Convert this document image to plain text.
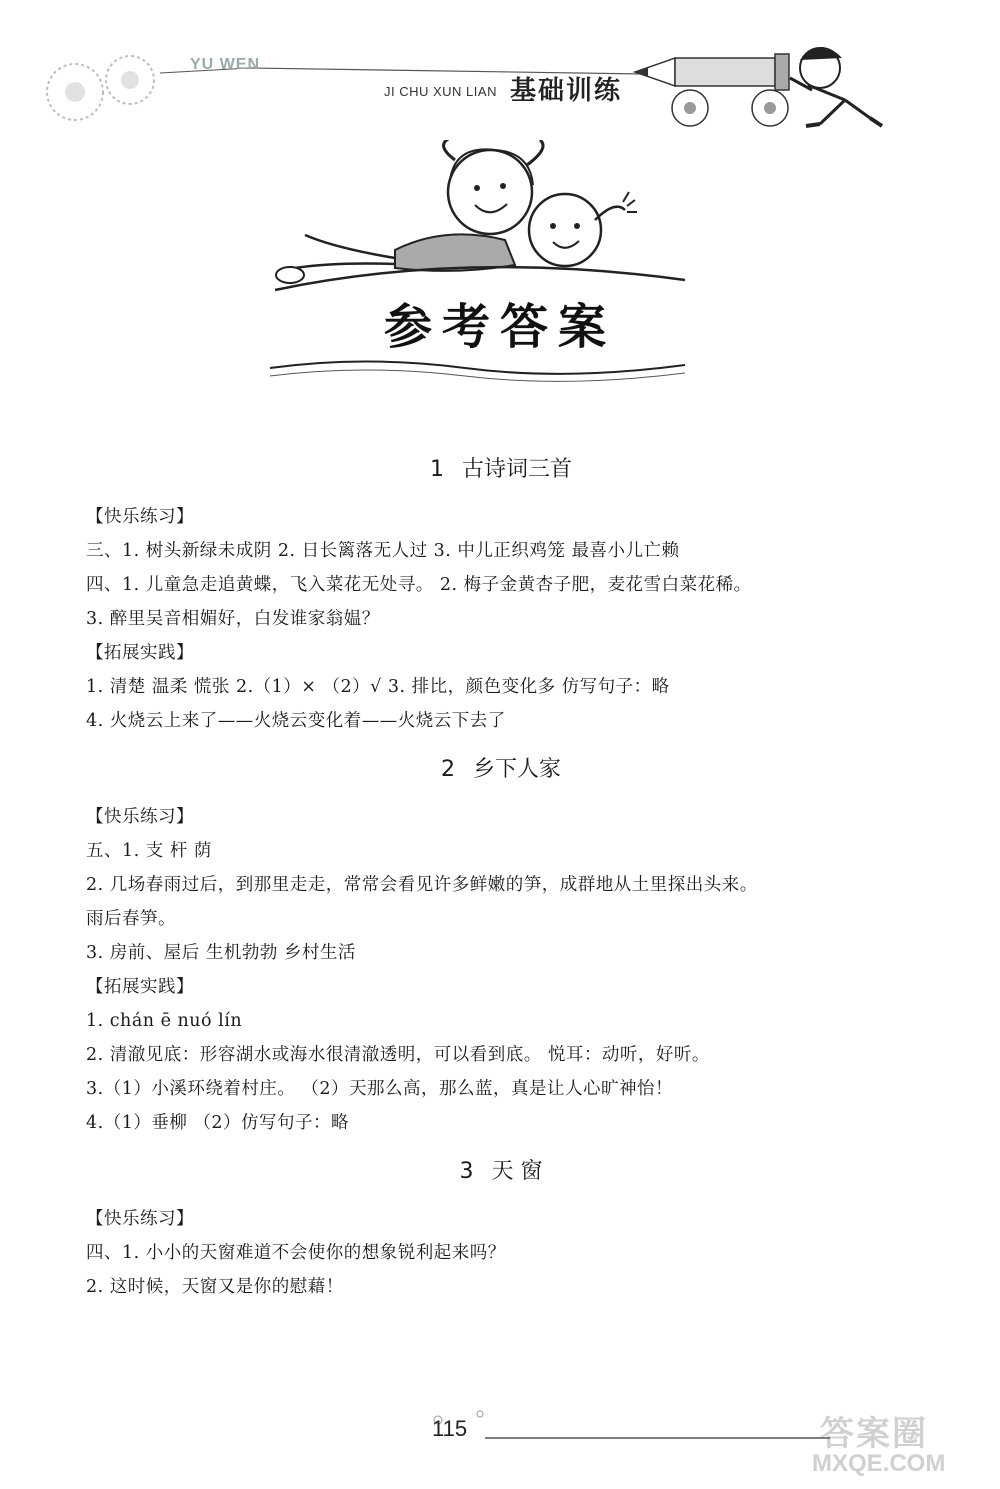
YU WEN
JI CHU XUN LIAN 基础训练
参考答案
1 古诗词三首
【快乐练习】
三、1. 树头新绿未成阴 2. 日长篱落无人过 3. 中儿正织鸡笼 最喜小儿亡赖
四、1. 儿童急走追黄蝶，飞入菜花无处寻。 2. 梅子金黄杏子肥，麦花雪白菜花稀。
3. 醉里吴音相媚好，白发谁家翁媪？
【拓展实践】
1. 清楚 温柔 慌张 2.（1）× （2）√ 3. 排比，颜色变化多 仿写句子：略
4. 火烧云上来了——火烧云变化着——火烧云下去了
2 乡下人家
【快乐练习】
五、1. 支 杆 荫
2. 几场春雨过后，到那里走走，常常会看见许多鲜嫩的笋，成群地从土里探出头来。
雨后春笋。
3. 房前、屋后 生机勃勃 乡村生活
【拓展实践】
1. chán ē nuó lín
2. 清澈见底：形容湖水或海水很清澈透明，可以看到底。 悦耳：动听，好听。
3.（1）小溪环绕着村庄。 （2）天那么高，那么蓝，真是让人心旷神怡！
4.（1）垂柳 （2）仿写句子：略
3 天 窗
【快乐练习】
四、1. 小小的天窗难道不会使你的想象锐利起来吗？
2. 这时候，天窗又是你的慰藉！
115	答案圈
MXQE.COM
